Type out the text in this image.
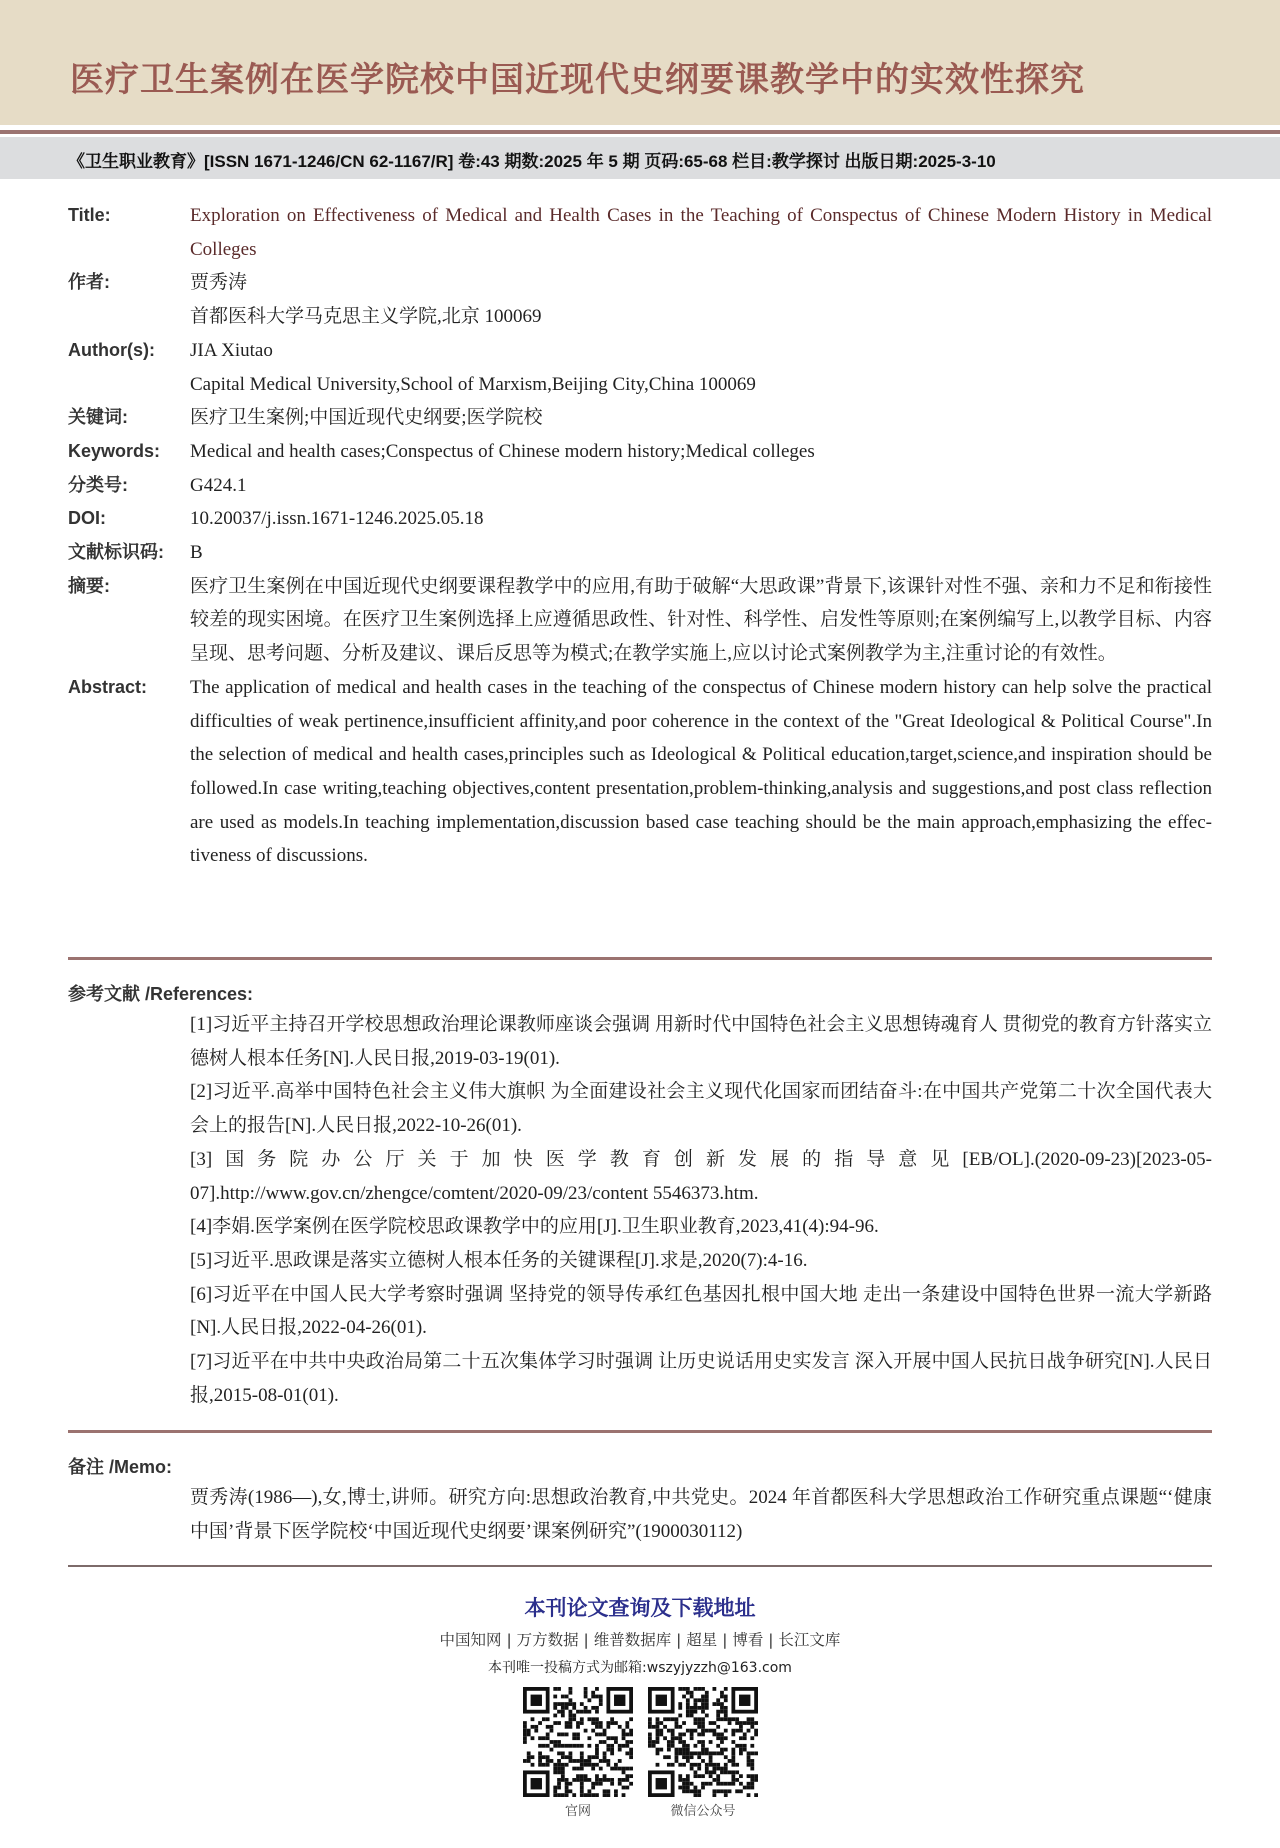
医疗卫生案例在医学院校中国近现代史纲要课教学中的实效性探究
《卫生职业教育》[ISSN 1671-1246/CN 62-1167/R] 卷:43 期数:2025 年 5 期 页码:65-68 栏目:教学探讨 出版日期:2025-3-10
Title:	Exploration on Effectiveness of Medical and Health Cases in the Teaching of Conspectus of Chinese Modern History in Medical Colleges
作者:	贾秀涛
首都医科大学马克思主义学院,北京 100069
Author(s):	JIA Xiutao
Capital Medical University,School of Marxism,Beijing City,China 100069
关键词:	医疗卫生案例;中国近现代史纲要;医学院校
Keywords:	Medical and health cases;Conspectus of Chinese modern history;Medical colleges
分类号:	G424.1
DOI:	10.20037/j.issn.1671-1246.2025.05.18
文献标识码:	B
摘要:	医疗卫生案例在中国近现代史纲要课程教学中的应用,有助于破解“大思政课”背景下,该课针对性不强、亲和力不足和衔接性较差的现实困境。在医疗卫生案例选择上应遵循思政性、针对性、科学性、启发性等原则;在案例编写上,以教学目标、内容呈现、思考问题、分析及建议、课后反思等为模式;在教学实施上,应以讨论式案例教学为主,注重讨论的有效性。
Abstract:	The application of medical and health cases in the teaching of the conspectus of Chinese modern history can help solve the practical difficulties of weak pertinence,insufficient affinity,and poor coherence in the context of the "Great Ideological & Political Course".In the selection of medical and health cases,principles such as Ideological & Political education,target,science,and inspiration should be followed.In case writing,teaching objectives,content presentation,problem-thinking,analysis and suggestions,and post class reflection are used as models.In teaching implementation,discussion based case teaching should be the main approach,emphasizing the effec-tiveness of discussions.
参考文献 /References:
[1]习近平主持召开学校思想政治理论课教师座谈会强调 用新时代中国特色社会主义思想铸魂育人 贯彻党的教育方针落实立德树人根本任务[N].人民日报,2019-03-19(01).
[2]习近平.高举中国特色社会主义伟大旗帜 为全面建设社会主义现代化国家而团结奋斗:在中国共产党第二十次全国代表大会上的报告[N].人民日报,2022-10-26(01).
[3]国务院办公厅关于加快医学教育创新发展的指导意见[EB/OL].(2020-09-23)[2023-05-07].http://www.gov.cn/zhengce/comtent/2020-09/23/content 5546373.htm.
[4]李娟.医学案例在医学院校思政课教学中的应用[J].卫生职业教育,2023,41(4):94-96.
[5]习近平.思政课是落实立德树人根本任务的关键课程[J].求是,2020(7):4-16.
[6]习近平在中国人民大学考察时强调 坚持党的领导传承红色基因扎根中国大地 走出一条建设中国特色世界一流大学新路[N].人民日报,2022-04-26(01).
[7]习近平在中共中央政治局第二十五次集体学习时强调 让历史说话用史实发言 深入开展中国人民抗日战争研究[N].人民日报,2015-08-01(01).
备注 /Memo:
贾秀涛(1986—),女,博士,讲师。研究方向:思想政治教育,中共党史。2024 年首都医科大学思想政治工作研究重点课题“‘健康中国’背景下医学院校‘中国近现代史纲要’课案例研究”(1900030112)
本刊论文查询及下载地址
中国知网 | 万方数据 | 维普数据库 | 超星 | 博看 | 长江文库
本刊唯一投稿方式为邮箱:wszyjyzzh@163.com
官网	微信公众号
